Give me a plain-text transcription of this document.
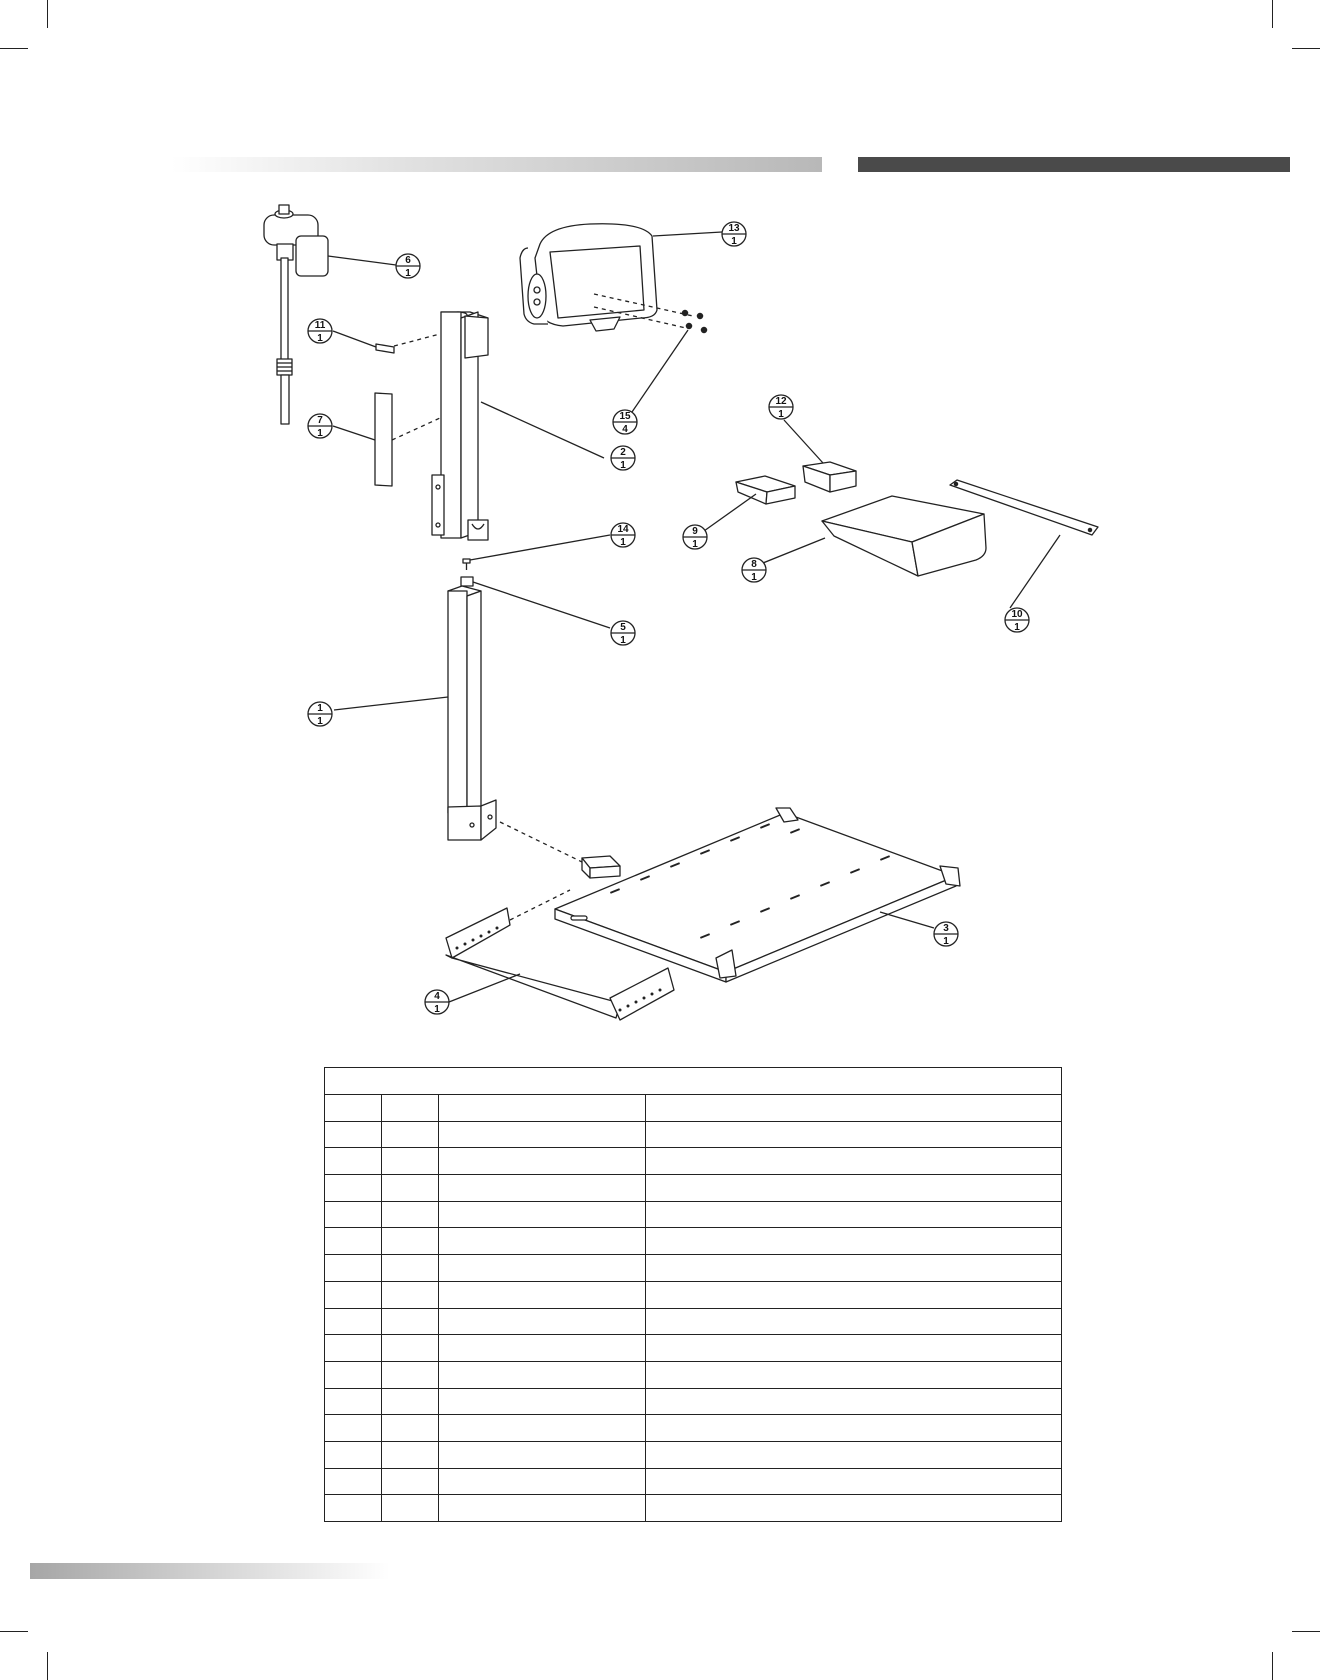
6
1
13
1
11
1
7
1
15
4
2
1
12
1
14
1
9
1
8
1
5
1
10
1
1
1
3
1
4
1
